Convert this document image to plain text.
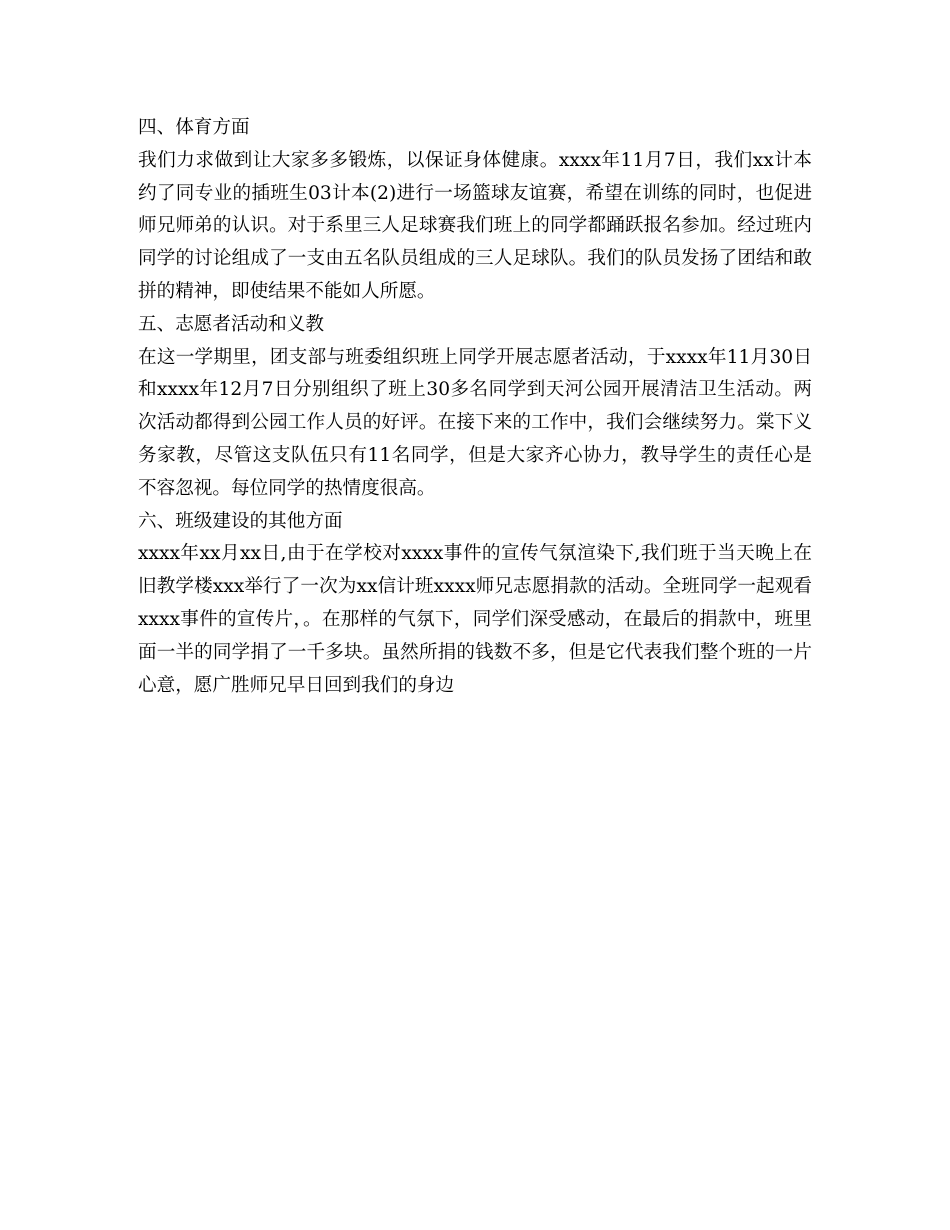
四、体育方面

我们力求做到让大家多多锻炼，以保证身体健康。xxxx年11月7日，我们xx计本约了同专业的插班生03计本(2)进行一场篮球友谊赛，希望在训练的同时，也促进师兄师弟的认识。对于系里三人足球赛我们班上的同学都踊跃报名参加。经过班内同学的讨论组成了一支由五名队员组成的三人足球队。我们的队员发扬了团结和敢拼的精神，即使结果不能如人所愿。

五、志愿者活动和义教

在这一学期里，团支部与班委组织班上同学开展志愿者活动，于xxxx年11月30日和xxxx年12月7日分别组织了班上30多名同学到天河公园开展清洁卫生活动。两次活动都得到公园工作人员的好评。在接下来的工作中，我们会继续努力。棠下义务家教，尽管这支队伍只有11名同学，但是大家齐心协力，教导学生的责任心是不容忽视。每位同学的热情度很高。

六、班级建设的其他方面

xxxx年xx月xx日,由于在学校对xxxx事件的宣传气氛渲染下,我们班于当天晚上在旧教学楼xxx举行了一次为xx信计班xxxx师兄志愿捐款的活动。全班同学一起观看xxxx事件的宣传片，。在那样的气氛下，同学们深受感动，在最后的捐款中，班里面一半的同学捐了一千多块。虽然所捐的钱数不多，但是它代表我们整个班的一片心意，愿广胜师兄早日回到我们的身边
